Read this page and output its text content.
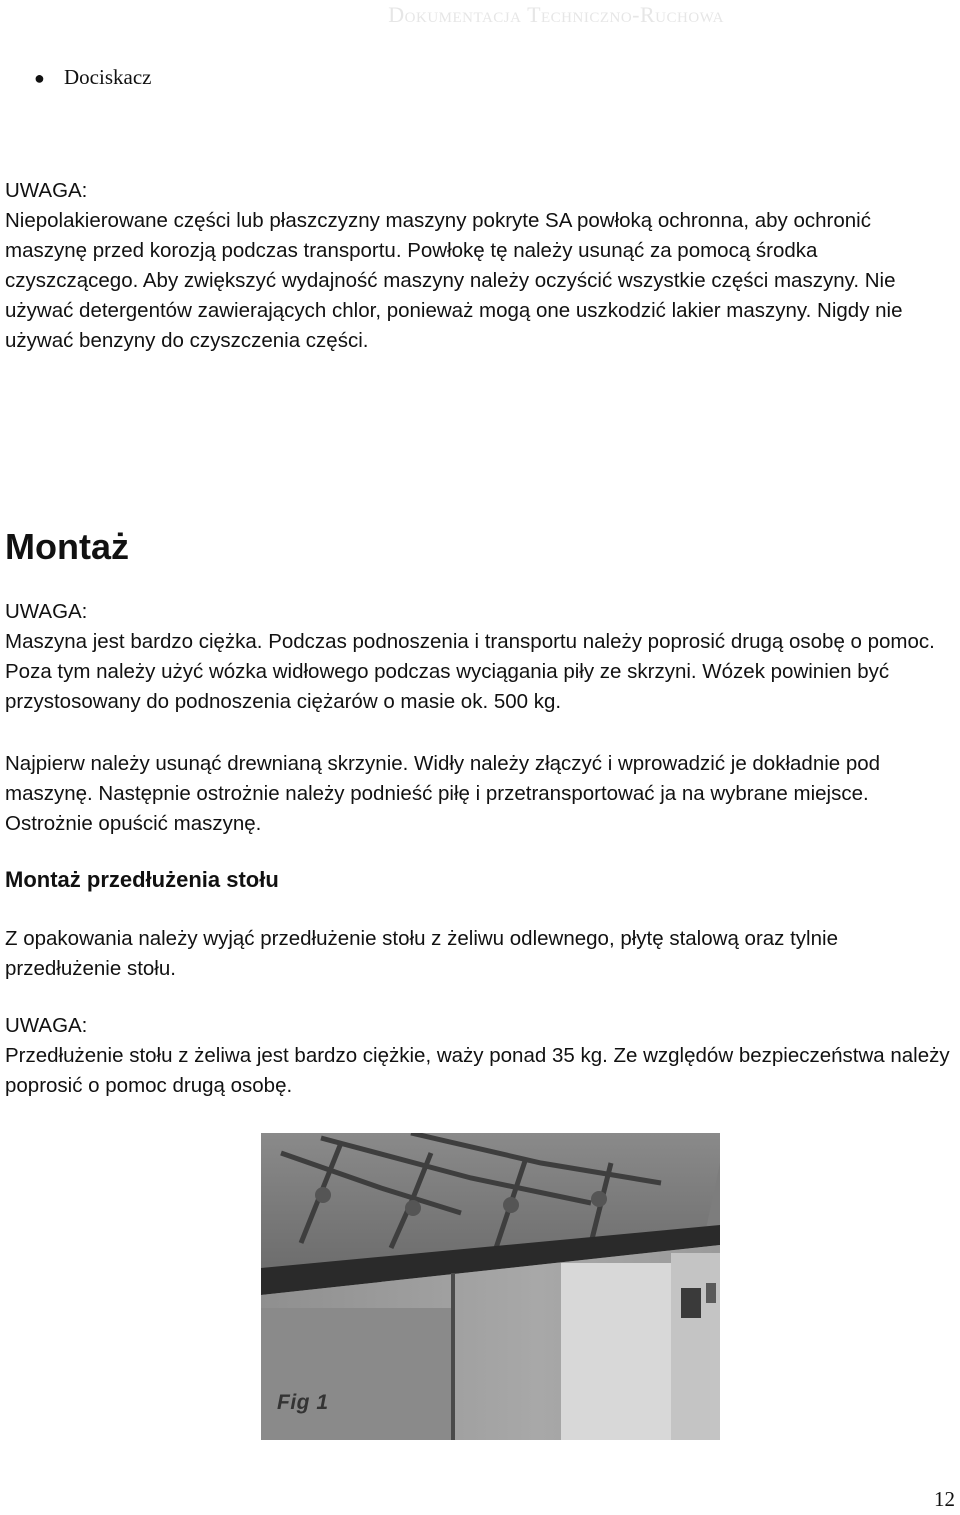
Dokumentacja Techniczno-Ruchowa
● Dociskacz

UWAGA:

Niepolakierowane części lub płaszczyzny maszyny pokryte SA powłoką ochronna, aby ochronić maszynę przed korozją podczas transportu. Powłokę tę należy usunąć za pomocą środka czyszczącego. Aby zwiększyć wydajność maszyny należy oczyścić wszystkie części maszyny. Nie używać detergentów zawierających chlor, ponieważ mogą one uszkodzić lakier maszyny. Nigdy nie używać benzyny do czyszczenia części.

Montaż

UWAGA:

Maszyna jest bardzo ciężka. Podczas podnoszenia i transportu należy poprosić drugą osobę o pomoc. Poza tym należy użyć wózka widłowego podczas wyciągania piły ze skrzyni. Wózek powinien być przystosowany do podnoszenia ciężarów o masie ok. 500 kg.

Najpierw należy usunąć drewnianą skrzynie. Widły należy złączyć i wprowadzić je dokładnie pod maszynę. Następnie ostrożnie należy podnieść piłę i przetransportować ja na wybrane miejsce. Ostrożnie opuścić maszynę.

Montaż przedłużenia stołu

Z opakowania należy wyjąć przedłużenie stołu z żeliwu odlewnego, płytę stalową oraz tylnie przedłużenie stołu.

UWAGA:

Przedłużenie stołu z żeliwa jest bardzo ciężkie, waży ponad 35 kg. Ze względów bezpieczeństwa należy poprosić o pomoc drugą osobę.

Fig 1
12
